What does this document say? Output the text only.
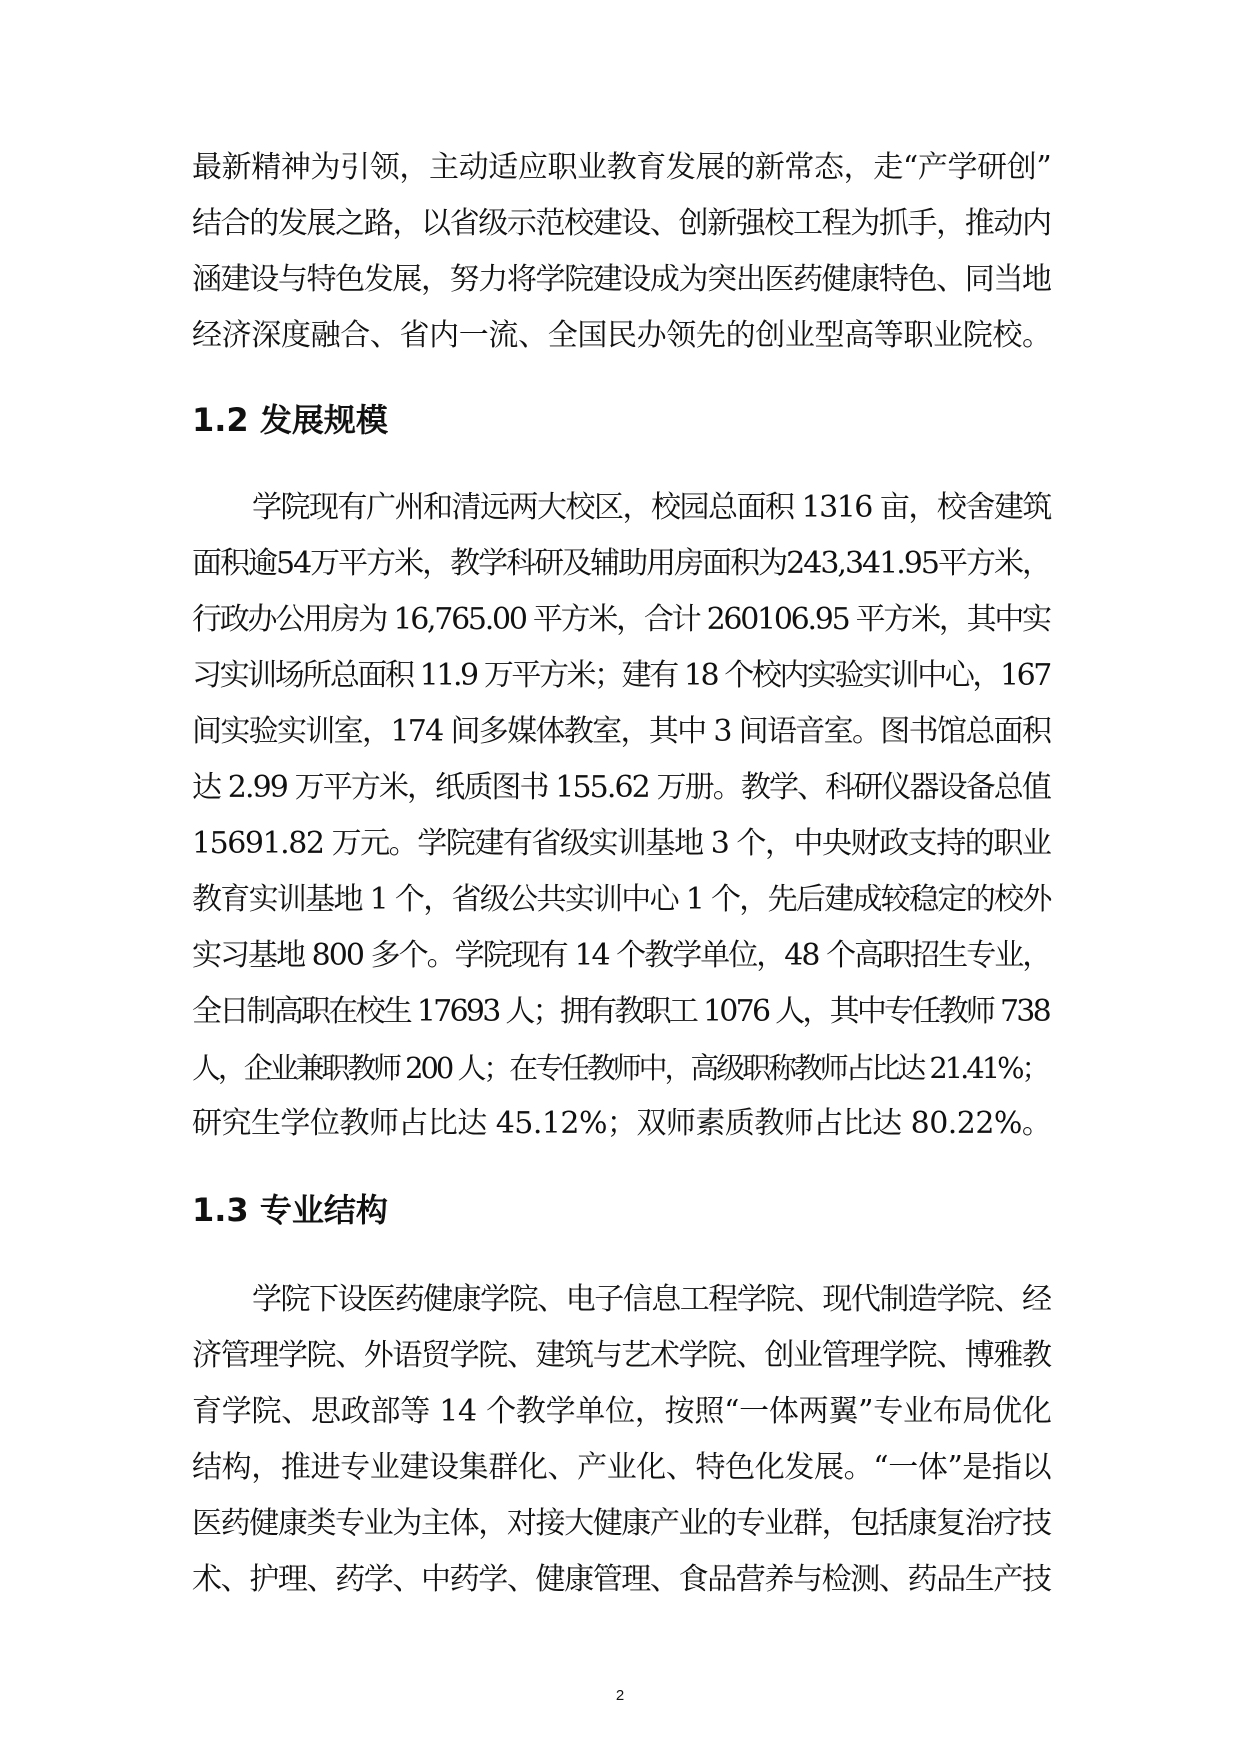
最新精神为引领，主动适应职业教育发展的新常态，走“产学研创”
结合的发展之路，以省级示范校建设、创新强校工程为抓手，推动内
涵建设与特色发展，努力将学院建设成为突出医药健康特色、同当地
经济深度融合、省内一流、全国民办领先的创业型高等职业院校。
1.2 发展规模
学院现有广州和清远两大校区，校园总面积 1316 亩，校舍建筑
面积逾54万平方米，教学科研及辅助用房面积为243,341.95平方米，
行政办公用房为 16,765.00 平方米，合计 260106.95 平方米，其中实
习实训场所总面积 11.9 万平方米；建有 18 个校内实验实训中心，167
间实验实训室，174 间多媒体教室，其中 3 间语音室。图书馆总面积
达 2.99 万平方米，纸质图书 155.62 万册。教学、科研仪器设备总值
15691.82 万元。学院建有省级实训基地 3 个，中央财政支持的职业
教育实训基地 1 个，省级公共实训中心 1 个，先后建成较稳定的校外
实习基地 800 多个。学院现有 14 个教学单位，48 个高职招生专业，
全日制高职在校生 17693 人；拥有教职工 1076 人，其中专任教师 738
人，企业兼职教师 200 人；在专任教师中，高级职称教师占比达 21.41%；
研究生学位教师占比达 45.12%；双师素质教师占比达 80.22%。
1.3 专业结构
学院下设医药健康学院、电子信息工程学院、现代制造学院、经
济管理学院、外语贸学院、建筑与艺术学院、创业管理学院、博雅教
育学院、思政部等 14 个教学单位，按照“一体两翼”专业布局优化
结构，推进专业建设集群化、产业化、特色化发展。“一体”是指以
医药健康类专业为主体，对接大健康产业的专业群，包括康复治疗技
术、护理、药学、中药学、健康管理、食品营养与检测、药品生产技
2
